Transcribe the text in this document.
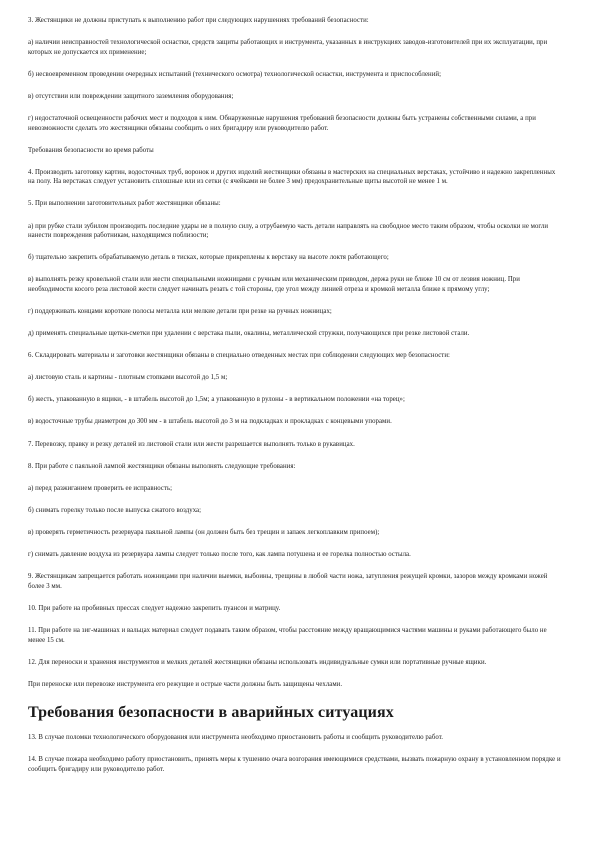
3. Жестянщики не должны приступать к выполнению работ при следующих нарушениях требований безопасности:

а) наличии неисправностей технологической оснастки, средств защиты работающих и инструмента, указанных в инструкциях заводов-изготовителей при их эксплуатации, при которых не допускается их применение;

б) несвоевременном проведении очередных испытаний (технического осмотра) технологической оснастки, инструмента и приспособлений;

в) отсутствии или повреждении защитного заземления оборудования;

г) недостаточной освещенности рабочих мест и подходов к ним. Обнаруженные нарушения требований безопасности должны быть устранены собственными силами, а при невозможности сделать это жестянщики обязаны сообщить о них бригадиру или руководителю работ.

Требования безопасности во время работы

4. Производить заготовку картин, водосточных труб, воронок и других изделий жестянщики обязаны в мастерских на специальных верстаках, устойчиво и надежно закрепленных на полу. На верстаках следует установить сплошные или из сетки (с ячейками не более 3 мм) предохранительные щиты высотой не менее 1 м.

5. При выполнении заготовительных работ жестянщики обязаны:

а) при рубке стали зубилом производить последние удары не в полную силу, а отрубаемую часть детали направлять на свободное место таким образом, чтобы осколки не могли нанести повреждения работникам, находящимся поблизости;

б) тщательно закрепить обрабатываемую деталь в тисках, которые прикреплены к верстаку на высоте локтя работающего;

в) выполнять резку кровельной стали или жести специальными ножницами с ручным или механическим приводом, держа руки не ближе 10 см от лезвия ножниц. При необходимости косого реза листовой жести следует начинать резать с той стороны, где угол между линией отреза и кромкой металла ближе к прямому углу;

г) поддерживать концами короткие полосы металла или мелкие детали при резке на ручных ножницах;

д) применять специальные щетки-сметки при удалении с верстака пыли, окалины, металлической стружки, получающихся при резке листовой стали.

6. Складировать материалы и заготовки жестянщики обязаны в специально отведенных местах при соблюдении следующих мер безопасности:

а) листовую сталь и картины - плотным стопками высотой до 1,5 м;

б) жесть, упакованную в ящики, - в штабель высотой до 1,5м; а упакованную в рулоны - в вертикальном положении «на торец»;

в) водосточные трубы диаметром до 300 мм - в штабель высотой до 3 м на подкладках и прокладках с концевыми упорами.

7. Перевозку, правку и резку деталей из листовой стали или жести разрешается выполнять только в рукавицах.

8. При работе с паяльной лампой жестянщики обязаны выполнять следующие требования:

а) перед разжиганием проверить ее исправность;

б) снимать горелку только после выпуска сжатого воздуха;

в) проверять герметичность резервуара паяльной лампы (он должен быть без трещин и запаек легкоплавким припоем);

г) снимать давление воздуха из резервуара лампы следует только после того, как лампа потушена и ее горелка полностью остыла.

9. Жестянщикам запрещается работать ножницами при наличии выемки, выбоины, трещины в любой части ножа, затупления режущей кромки, зазоров между кромками ножей более 3 мм.

10. При работе на пробивных прессах следует надежно закрепить пуансон и матрицу.

11. При работе на зиг-машинах и вальцах материал следует подавать таким образом, чтобы расстояние между вращающимися частями машины и руками работающего было не менее 15 см.

12. Для переноски и хранения инструментов и мелких деталей жестянщики обязаны использовать индивидуальные сумки или портативные ручные ящики.

При переноске или перевозке инструмента его режущие и острые части должны быть защищены чехлами.

Требования безопасности в аварийных ситуациях

13. В случае поломки технологического оборудования или инструмента необходимо приостановить работы и сообщить руководителю работ.

14. В случае пожара необходимо работу приостановить, принять меры к тушению очага возгорания имеющимися средствами, вызвать пожарную охрану в установленном порядке и сообщить бригадиру или руководителю работ.
